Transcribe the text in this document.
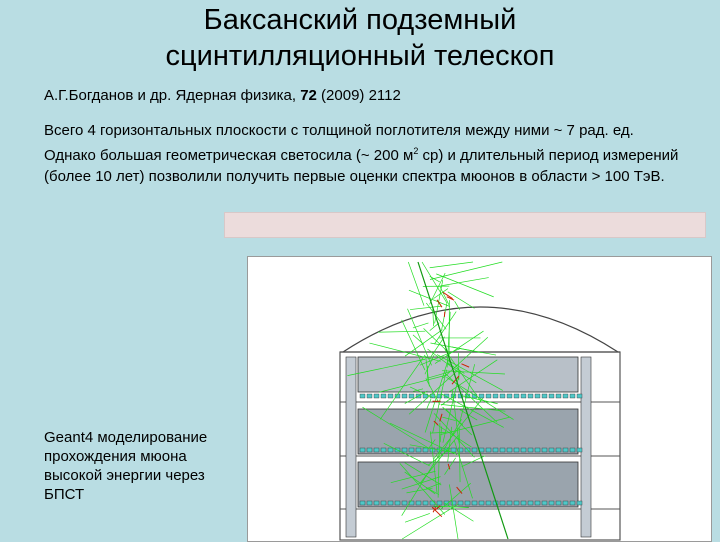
Баксанский подземный
сцинтилляционный телескоп
А.Г.Богданов и др. Ядерная физика, 72 (2009) 2112
Всего 4 горизонтальных плоскости с толщиной поглотителя между ними ~ 7 рад. ед. Однако большая геометрическая светосила (~ 200 $м^2$ ср) и длительный период измерений (более 10 лет) позволили получить первые оценки спектра мюонов в области > 100 ТэВ.
Geant4 моделирование
прохождения мюона
высокой энергии через
БПСТ
